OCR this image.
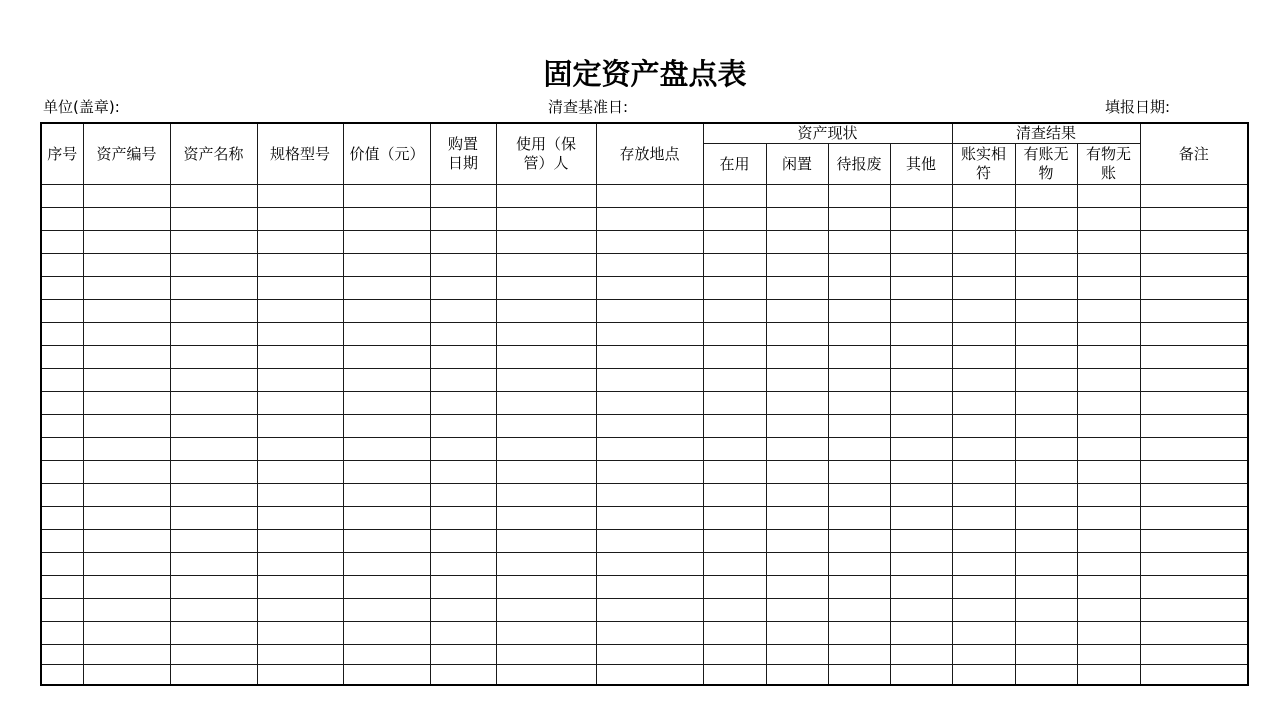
固定资产盘点表
单位(盖章):	清查基准日:	填报日期:
序号	资产编号	资产名称	规格型号	价值（元）	购置日期	使用（保管）人	存放地点	资产现状				清查结果			备注
								在用	闲置	待报废	其他	账实相符	有账无物	有物无账	
